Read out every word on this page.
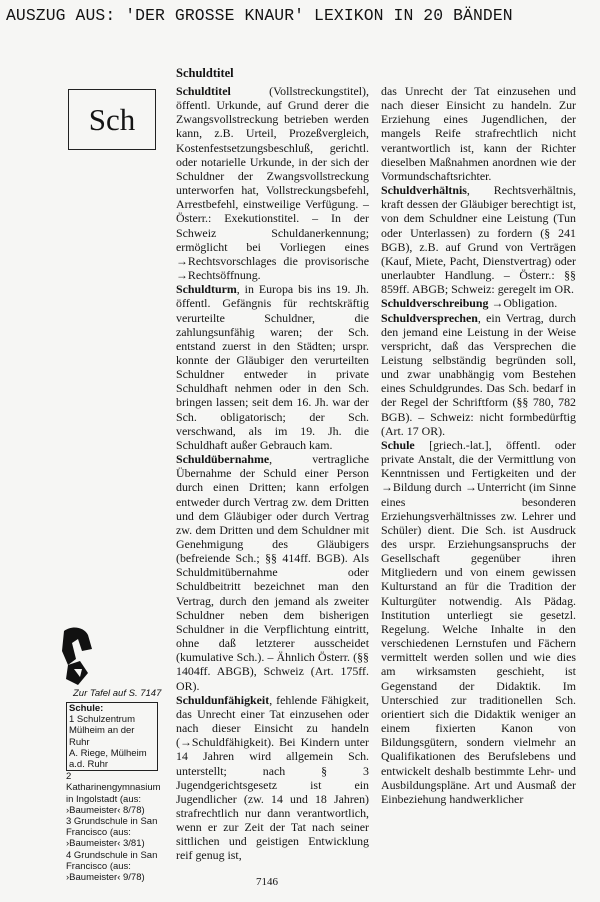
AUSZUG AUS: 'DER GROSSE KNAUR' LEXIKON IN 20 BÄNDEN
Schuldtitel
Sch
Zur Tafel auf S. 7147
Schule:
1 Schulzentrum Mülheim an der Ruhr
A. Riege, Mülheim a.d. Ruhr
2 Katharinengymnasium in Ingolstadt (aus: ›Baumeister‹ 8/78)
3 Grundschule in San Francisco (aus: ›Baumeister‹ 3/81)
4 Grundschule in San Francisco (aus: ›Baumeister‹ 9/78)

Schuldtitel (Vollstreckungstitel), öffentl. Urkunde, auf Grund derer die Zwangsvollstreckung betrieben werden kann, z.B. Urteil, Prozeßvergleich, Kostenfestsetzungsbeschluß, gerichtl. oder notarielle Urkunde, in der sich der Schuldner der Zwangsvollstreckung unterworfen hat, Vollstreckungsbefehl, Arrestbefehl, einstweilige Verfügung. – Österr.: Exekutionstitel. – In der Schweiz Schuldanerkennung; ermöglicht bei Vorliegen eines →Rechtsvorschlages die provisorische →Rechtsöffnung.

Schuldturm, in Europa bis ins 19. Jh. öffentl. Gefängnis für rechtskräftig verurteilte Schuldner, die zahlungsunfähig waren; der Sch. entstand zuerst in den Städten; urspr. konnte der Gläubiger den verurteilten Schuldner entweder in private Schuldhaft nehmen oder in den Sch. bringen lassen; seit dem 16. Jh. war der Sch. obligatorisch; der Sch. verschwand, als im 19. Jh. die Schuldhaft außer Gebrauch kam.

Schuldübernahme, vertragliche Übernahme der Schuld einer Person durch einen Dritten; kann erfolgen entweder durch Vertrag zw. dem Dritten und dem Gläubiger oder durch Vertrag zw. dem Dritten und dem Schuldner mit Genehmigung des Gläubigers (befreiende Sch.; §§ 414ff. BGB). Als Schuldmitübernahme oder Schuldbeitritt bezeichnet man den Vertrag, durch den jemand als zweiter Schuldner neben dem bisherigen Schuldner in die Verpflichtung eintritt, ohne daß letzterer ausscheidet (kumulative Sch.). – Ähnlich Österr. (§§ 1404ff. ABGB), Schweiz (Art. 175ff. OR).

Schuldunfähigkeit, fehlende Fähigkeit, das Unrecht einer Tat einzusehen oder nach dieser Einsicht zu handeln (→Schuldfähigkeit). Bei Kindern unter 14 Jahren wird allgemein Sch. unterstellt; nach § 3 Jugendgerichtsgesetz ist ein Jugendlicher (zw. 14 und 18 Jahren) strafrechtlich nur dann verantwortlich, wenn er zur Zeit der Tat nach seiner sittlichen und geistigen Entwicklung reif genug ist,

das Unrecht der Tat einzusehen und nach dieser Einsicht zu handeln. Zur Erziehung eines Jugendlichen, der mangels Reife strafrechtlich nicht verantwortlich ist, kann der Richter dieselben Maßnahmen anordnen wie der Vormundschaftsrichter.

Schuldverhältnis, Rechtsverhältnis, kraft dessen der Gläubiger berechtigt ist, von dem Schuldner eine Leistung (Tun oder Unterlassen) zu fordern (§ 241 BGB), z.B. auf Grund von Verträgen (Kauf, Miete, Pacht, Dienstvertrag) oder unerlaubter Handlung. – Österr.: §§ 859ff. ABGB; Schweiz: geregelt im OR.

Schuldverschreibung →Obligation.

Schuldversprechen, ein Vertrag, durch den jemand eine Leistung in der Weise verspricht, daß das Versprechen die Leistung selbständig begründen soll, und zwar unabhängig vom Bestehen eines Schuldgrundes. Das Sch. bedarf in der Regel der Schriftform (§§ 780, 782 BGB). – Schweiz: nicht formbedürftig (Art. 17 OR).

Schule [griech.-lat.], öffentl. oder private Anstalt, die der Vermittlung von Kenntnissen und Fertigkeiten und der →Bildung durch →Unterricht (im Sinne eines besonderen Erziehungsverhältnisses zw. Lehrer und Schüler) dient. Die Sch. ist Ausdruck des urspr. Erziehungsanspruchs der Gesellschaft gegenüber ihren Mitgliedern und von einem gewissen Kulturstand an für die Tradition der Kulturgüter notwendig. Als Pädag. Institution unterliegt sie gesetzl. Regelung. Welche Inhalte in den verschiedenen Lernstufen und Fächern vermittelt werden sollen und wie dies am wirksamsten geschieht, ist Gegenstand der Didaktik. Im Unterschied zur traditionellen Sch. orientiert sich die Didaktik weniger an einem fixierten Kanon von Bildungsgütern, sondern vielmehr an Qualifikationen des Berufslebens und entwickelt deshalb bestimmte Lehr- und Ausbildungspläne. Art und Ausmaß der Einbeziehung handwerklicher

7146
